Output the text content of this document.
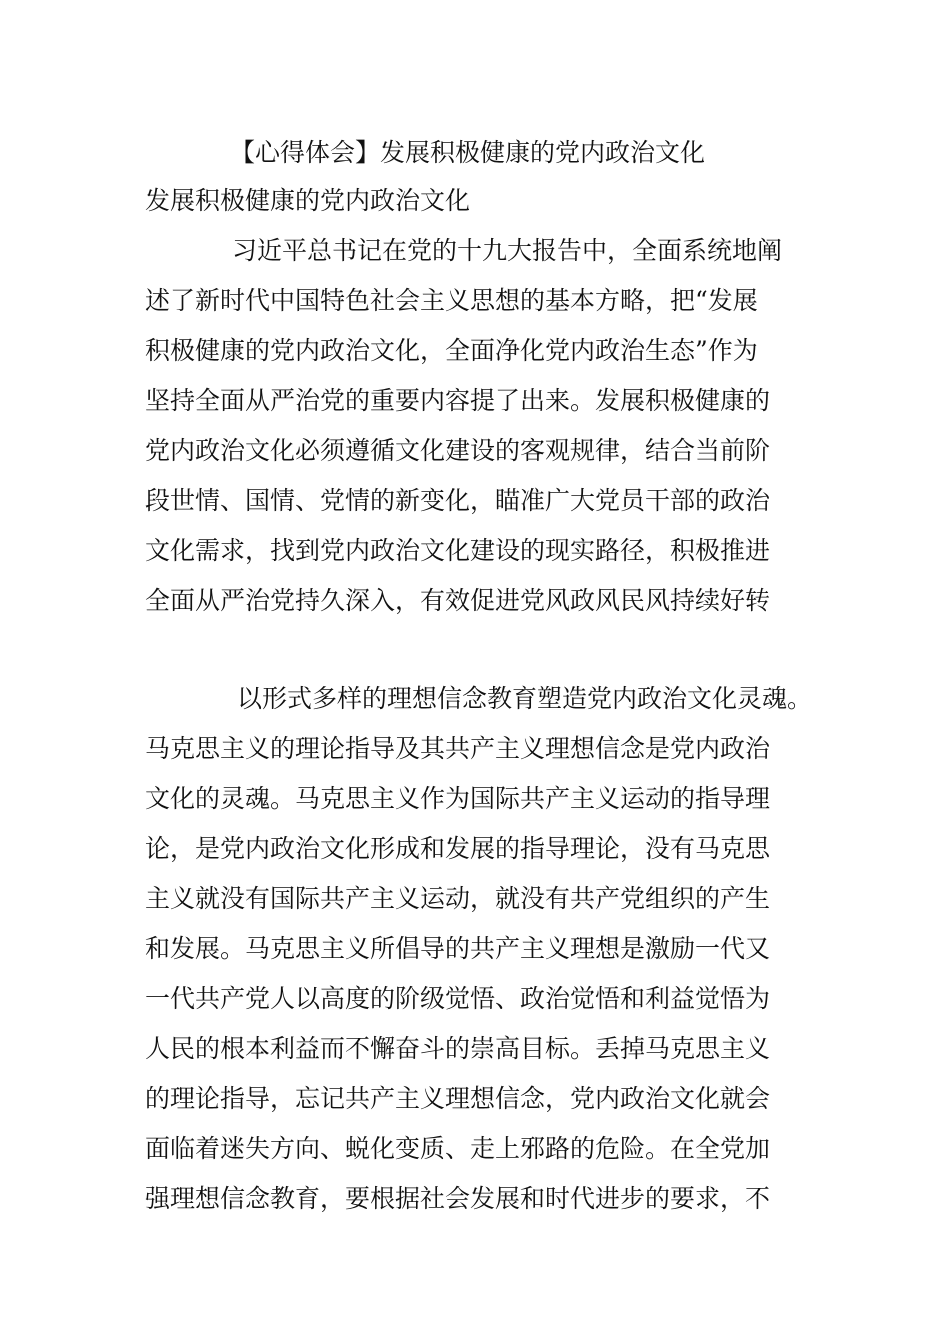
【心得体会】发展积极健康的党内政治文化
发展积极健康的党内政治文化
习近平总书记在党的十九大报告中，全面系统地阐
述了新时代中国特色社会主义思想的基本方略，把“发展
积极健康的党内政治文化，全面净化党内政治生态”作为
坚持全面从严治党的重要内容提了出来。发展积极健康的
党内政治文化必须遵循文化建设的客观规律，结合当前阶
段世情、国情、党情的新变化，瞄准广大党员干部的政治
文化需求，找到党内政治文化建设的现实路径，积极推进
全面从严治党持久深入，有效促进党风政风民风持续好转
以形式多样的理想信念教育塑造党内政治文化灵魂。
马克思主义的理论指导及其共产主义理想信念是党内政治
文化的灵魂。马克思主义作为国际共产主义运动的指导理
论，是党内政治文化形成和发展的指导理论，没有马克思
主义就没有国际共产主义运动，就没有共产党组织的产生
和发展。马克思主义所倡导的共产主义理想是激励一代又
一代共产党人以高度的阶级觉悟、政治觉悟和利益觉悟为
人民的根本利益而不懈奋斗的崇高目标。丢掉马克思主义
的理论指导，忘记共产主义理想信念，党内政治文化就会
面临着迷失方向、蜕化变质、走上邪路的危险。在全党加
强理想信念教育，要根据社会发展和时代进步的要求，不
